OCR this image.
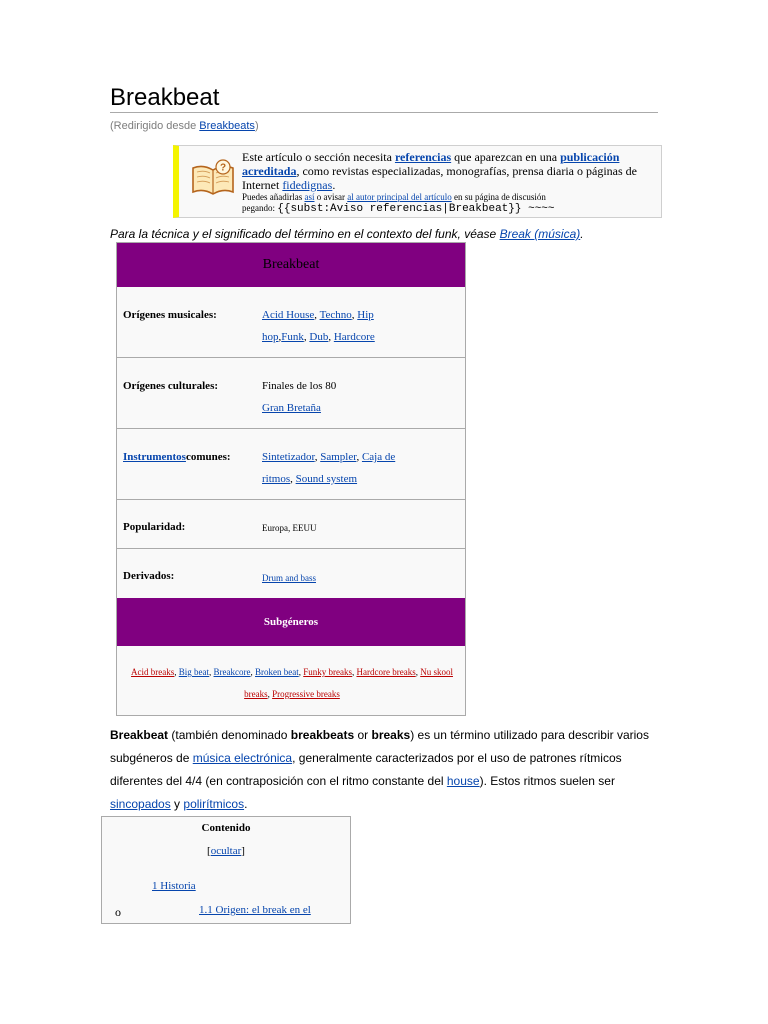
Breakbeat
(Redirigido desde Breakbeats)
?
Este artículo o sección necesita referencias que aparezcan en una publicación acreditada, como revistas especializadas, monografías, prensa diaria o páginas de Internet fidedignas.
Puedes añadirlas así o avisar al autor principal del artículo en su página de discusión
pegando: {{subst:Aviso referencias|Breakbeat}} ~~~~
Para la técnica y el significado del término en el contexto del funk, véase Break (música).
Breakbeat
Orígenes musicales:	Acid House, Techno, Hip hop,Funk, Dub, Hardcore
Orígenes culturales:	Finales de los 80
Gran Bretaña
Instrumentoscomunes:	Sintetizador, Sampler, Caja de ritmos, Sound system
Popularidad:	Europa, EEUU
Derivados:	Drum and bass
Subgéneros
Acid breaks, Big beat, Breakcore, Broken beat, Funky breaks, Hardcore breaks, Nu skool breaks, Progressive breaks
Breakbeat (también denominado breakbeats or breaks) es un término utilizado para describir varios subgéneros de música electrónica, generalmente caracterizados por el uso de patrones rítmicos diferentes del 4/4 (en contraposición con el ritmo constante del house). Estos ritmos suelen ser sincopados y polirítmicos.
Contenido
[ocultar]
1 Historia
o	1.1 Origen: el break en el
